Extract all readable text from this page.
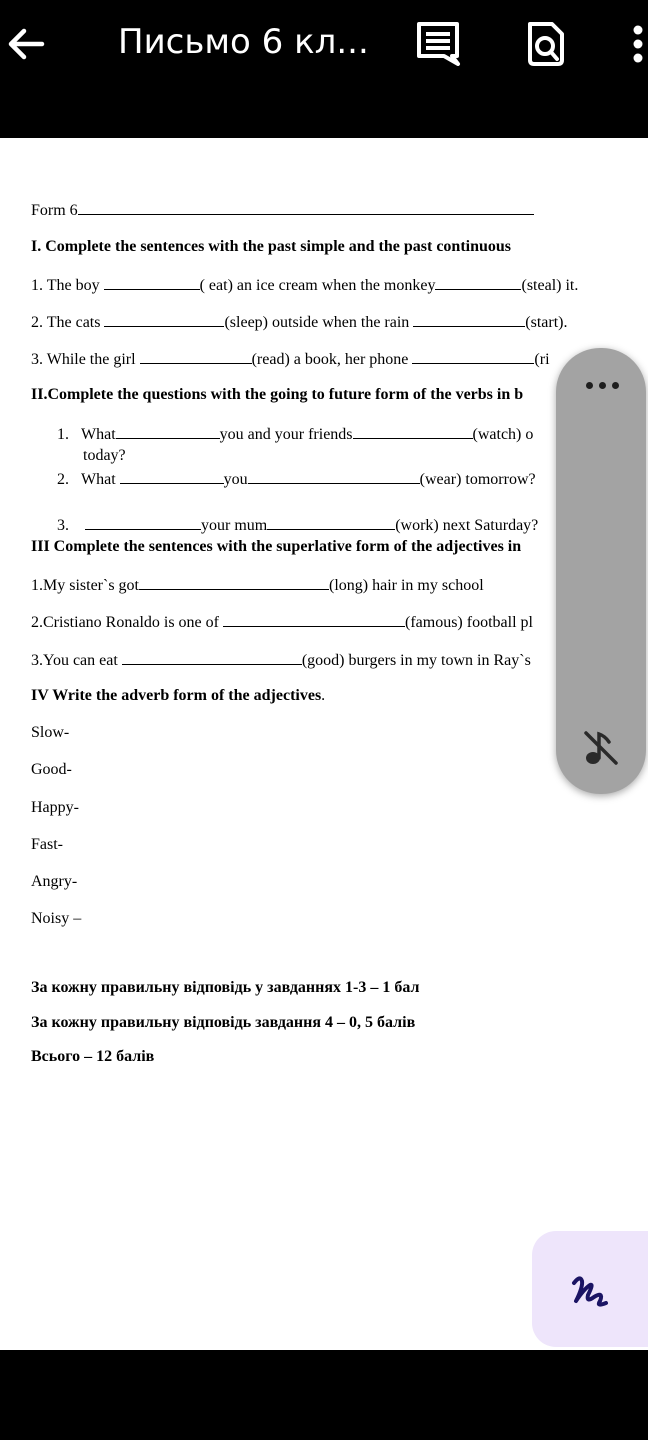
Письмо 6 кл...
Form 6
I. Complete the sentences with the past simple and the past continuous
1. The boy	( eat) an ice cream when the monkey	(steal) it.
2. The cats	(sleep) outside when the rain	(start).
3. While the girl	(read) a book, her phone	(ri
II.Complete the questions with the going to future form of the verbs in b
1. What	you and your friends	(watch) o
today?
2. What	you	(wear) tomorrow?
3.	your mum	(work) next Saturday?
III Complete the sentences with the superlative form of the adjectives in
1.My sister`s got	(long) hair in my school
2.Cristiano Ronaldo is one of	(famous) football pl
3.You can eat	(good) burgers in my town in Ray`s
IV Write the adverb form of the adjectives.
Slow-
Good-
Happy-
Fast-
Angry-
Noisy –
За кожну правильну відповідь у завданнях 1-3 – 1 бал
За кожну правильну відповідь завдання 4 – 0, 5 балів
Всього – 12 балів
